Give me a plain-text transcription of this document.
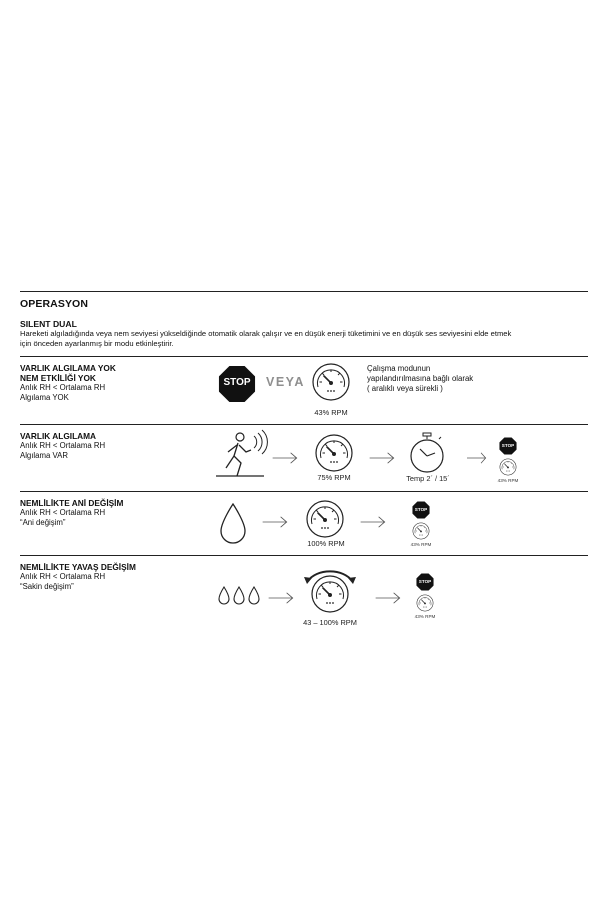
OPERASYON
SILENT DUAL
Hareketi algıladığında veya nem seviyesi yükseldiğinde otomatik olarak çalışır ve en düşük enerji tüketimini ve en düşük ses seviyesini elde etmek
için önceden ayarlanmış bir modu etkinleştirir.
VARLIK ALGILAMA YOK
NEM ETKİLİĞİ YOK
Anlık RH < Ortalama RH
Algılama YOK
STOP	VEYA
43% RPM
Çalışma modunun
yapılandırılmasına bağlı olarak
( aralıklı veya sürekli )
VARLIK ALGILAMA
Anlık RH < Ortalama RH
Algılama VAR
75% RPM	Temp 2´ / 15´
STOP
43% RPM
NEMLİLİKTE ANİ DEĞİŞİM
Anlık RH < Ortalama RH
“Ani değişim”
100% RPM
STOP
43% RPM
NEMLİLİKTE YAVAŞ DEĞİŞİM
Anlık RH < Ortalama RH
“Sakin değişim”
43 – 100% RPM
STOP
43% RPM
